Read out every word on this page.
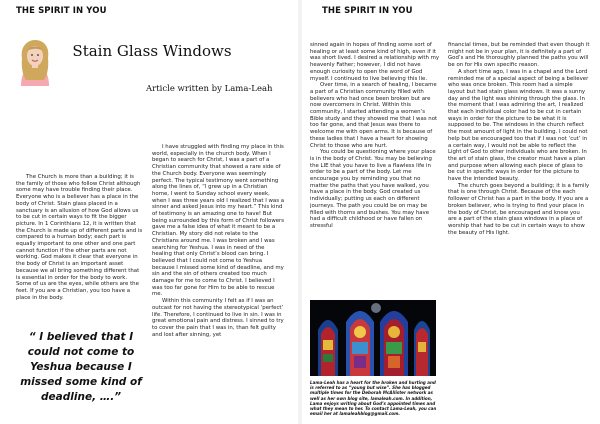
THE SPIRIT IN YOU
Stain Glass Windows
Article written by Lama-Leah

The Church is more than a building; it is the family of those who follow Christ although some may have trouble finding their place. Everyone who is a believer has a place in the body of Christ. Stain glass placed in a sanctuary is an allusion of how God allows us to be cut in certain ways to fit the bigger picture. In 1 Corinthians 12, it is written that the Church is made up of different parts and is compared to a human body; each part is equally important to one other and one part cannot function if the other parts are not working. God makes it clear that everyone in the body of Christ is an important asset because we all bring something different that is essential in order for the body to work. Some of us are the eyes, while others are the feet. If you are a Christian, you too have a place in the body.

“ I believed that I could not come to Yeshua because I missed some kind of deadline, ….”

I have struggled with finding my place in this world, especially in the church body. When I began to search for Christ, I was a part of a Christian community that showed a rare side of the Church body. Everyone was seemingly perfect. The typical testimony went something along the lines of, “I grew up in a Christian home, I went to Sunday school every week, when I was three years old I realized that I was a sinner and asked Jesus into my heart.” This kind of testimony is an amazing one to have! But being surrounded by this form of Christ followers gave me a false idea of what it meant to be a Christian. My story did not relate to the Christians around me. I was broken and I was searching for Yeshua. I was in need of the healing that only Christ’s blood can bring. I believed that I could not come to Yeshua because I missed some kind of deadline, and my sin and the sin of others created too much damage for me to come to Christ. I believed I was too far gone for Him to be able to rescue me.

Within this community I felt as if I was an outcast for not having the stereotypical ‘perfect’ life. Therefore, I continued to live in sin. I was in great emotional pain and distress. I sinned to try to cover the pain that I was in, than felt guilty and lost after sinning, yet

THE SPIRIT IN YOU

sinned again in hopes of finding some sort of healing or at least some kind of high, even if it was short lived. I desired a relationship with my heavenly Father; however, I did not have enough curiosity to open the word of God myself. I continued to live believing this lie.

Over time, in a search of healing, I became a part of a Christian community filled with believers who had once been broken but are now overcomers in Christ. Within this community, I started attending a women’s Bible study and they showed me that I was not too far gone, and that Jesus was there to welcome me with open arms. It is because of these ladies that I have a heart for showing Christ to those who are hurt.

You could be questioning where your place is in the body of Christ. You may be believing the LIE that you have to live a flawless life in order to be a part of the body. Let me encourage you by reminding you that no matter the paths that you have walked, you have a place in the body. God created us individually; putting us each on different journeys. The path you could be on may be filled with thorns and bushes. You may have had a difficult childhood or have fallen on stressful

Lama-Leah has a heart for the broken and hurting and is referred to as “young but wise”. She has blogged multiple times for the Deborah McAllister network as well as her own blog site, lamaleah.com. In addition, Lama enjoys writing about God’s appointed times and what they mean to her. To contact Lama-Leah, you can email her at lamaleahblog@gmail.com.

financial times, but be reminded that even though it might not be in your plan, it is definitely a part of God’s and He thoroughly planned the paths you will be on for His own specific reason.

A short time ago, I was in a chapel and the Lord reminded me of a special aspect of being a believer who was once broken. This room had a simple layout but had stain glass windows. It was a sunny day and the light was shining through the glass. In the moment that I was admiring the art, I realized that each individual color had to be cut in certain ways in order for the picture to be what it is supposed to be. The windows in the church reflect the most amount of light in the building. I could not help but be encouraged too that if I was not ‘cut’ in a certain way, I would not be able to reflect the Light of God to other individuals who are broken. In the art of stain glass, the creator must have a plan and purpose when allowing each piece of glass to be cut in specific ways in order for the picture to have the intended beauty.

The church goes beyond a building; it is a family that is one through Christ. Because of the each follower of Christ has a part in the body. If you are a broken believer, who is trying to find your place in the body of Christ, be encouraged and know you are a part of the stain glass windows in a place of worship that had to be cut in certain ways to show the beauty of His light.
